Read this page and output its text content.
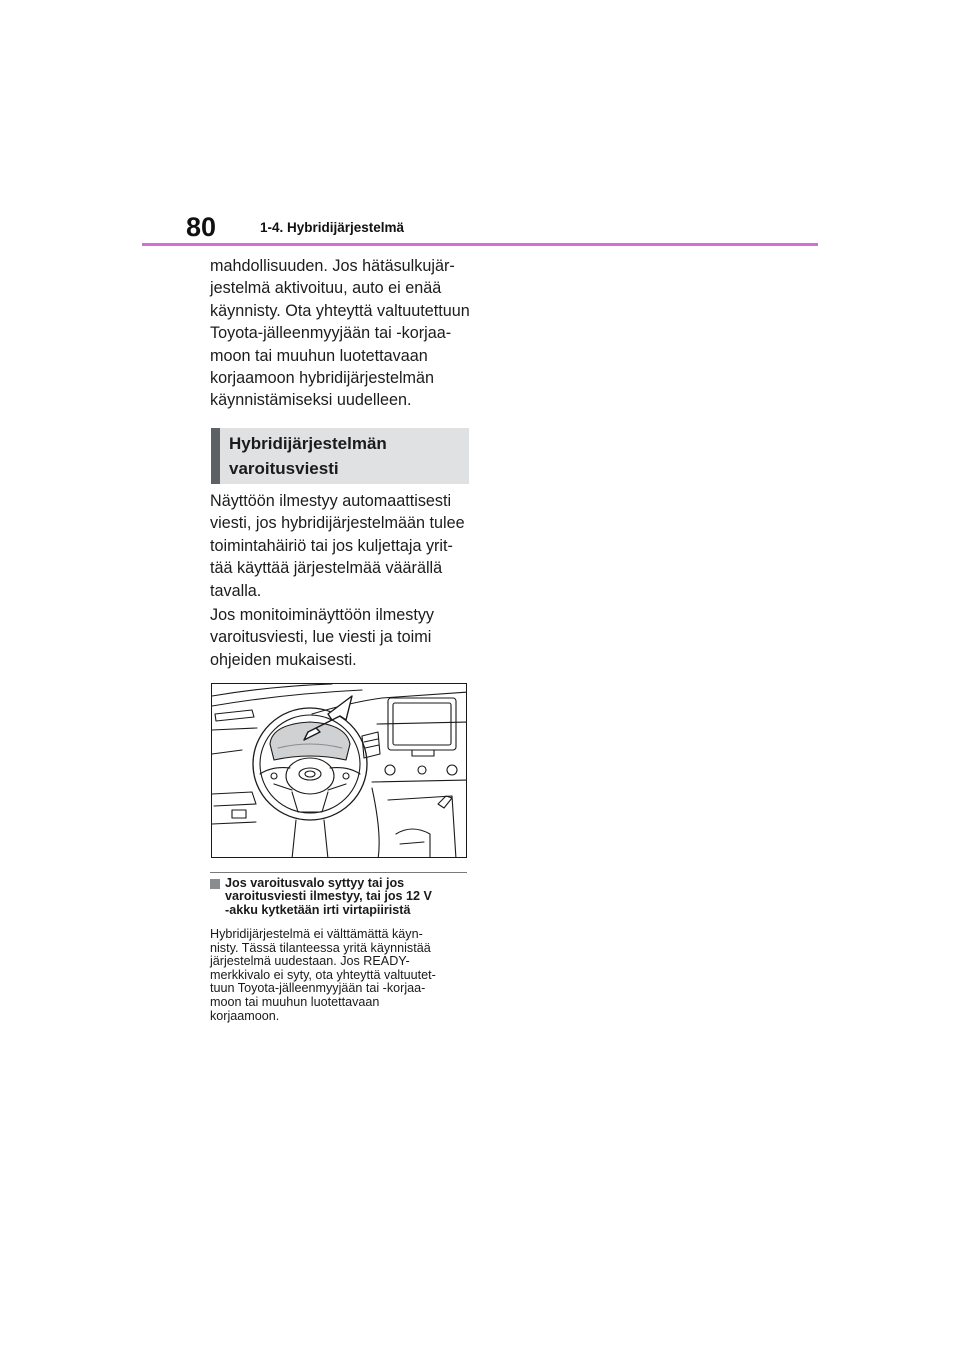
80	1-4. Hybridijärjestelmä

mahdollisuuden. Jos hätäsulkujär-
jestelmä aktivoituu, auto ei enää
käynnisty. Ota yhteyttä valtuutettuun
Toyota-jälleenmyyjään tai -korjaa-
moon tai muuhun luotettavaan
korjaamoon hybridijärjestelmän
käynnistämiseksi uudelleen.

Hybridijärjestelmän
varoitusviesti

Näyttöön ilmestyy automaattisesti
viesti, jos hybridijärjestelmään tulee
toimintahäiriö tai jos kuljettaja yrit-
tää käyttää järjestelmää väärällä
tavalla.

Jos monitoiminäyttöön ilmestyy
varoitusviesti, lue viesti ja toimi
ohjeiden mukaisesti.

Jos varoitusvalo syttyy tai jos
varoitusviesti ilmestyy, tai jos 12 V
-akku kytketään irti virtapiiristä

Hybridijärjestelmä ei välttämättä käyn-
nisty. Tässä tilanteessa yritä käynnistää
järjestelmä uudestaan. Jos READY-
merkkivalo ei syty, ota yhteyttä valtuutet-
tuun Toyota-jälleenmyyjään tai -korjaa-
moon tai muuhun luotettavaan
korjaamoon.
